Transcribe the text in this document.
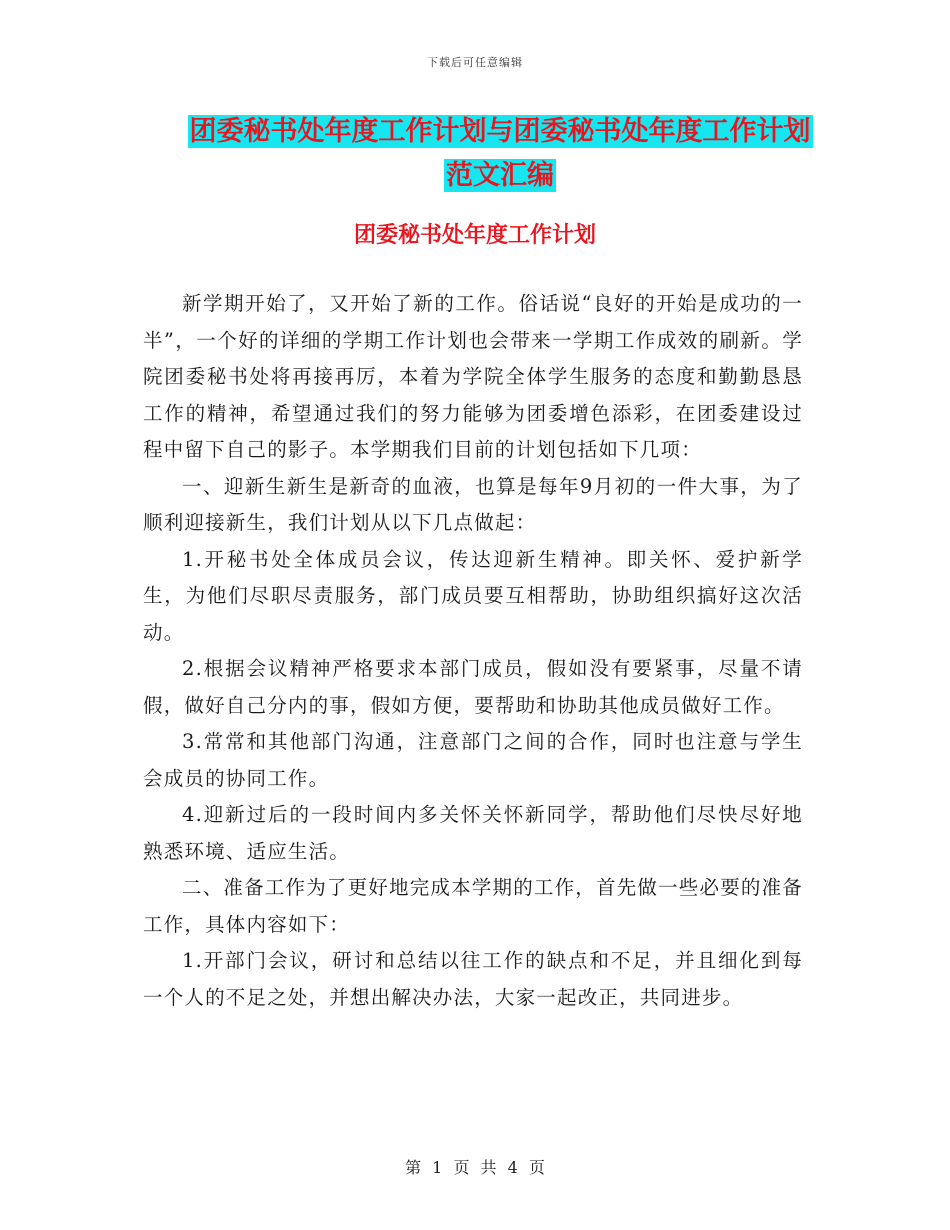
下载后可任意编辑
团委秘书处年度工作计划与团委秘书处年度工作计划
范文汇编
团委秘书处年度工作计划

新学期开始了，又开始了新的工作。俗话说“良好的开始是成功的一半”，一个好的详细的学期工作计划也会带来一学期工作成效的刷新。学院团委秘书处将再接再厉，本着为学院全体学生服务的态度和勤勤恳恳工作的精神，希望通过我们的努力能够为团委增色添彩，在团委建设过程中留下自己的影子。本学期我们目前的计划包括如下几项：

一、迎新生新生是新奇的血液，也算是每年9月初的一件大事，为了顺利迎接新生，我们计划从以下几点做起：

1.开秘书处全体成员会议，传达迎新生精神。即关怀、爱护新学生，为他们尽职尽责服务，部门成员要互相帮助，协助组织搞好这次活动。

2.根据会议精神严格要求本部门成员，假如没有要紧事，尽量不请假，做好自己分内的事，假如方便，要帮助和协助其他成员做好工作。

3.常常和其他部门沟通，注意部门之间的合作，同时也注意与学生会成员的协同工作。

4.迎新过后的一段时间内多关怀关怀新同学，帮助他们尽快尽好地熟悉环境、适应生活。

二、准备工作为了更好地完成本学期的工作，首先做一些必要的准备工作，具体内容如下：

1.开部门会议，研讨和总结以往工作的缺点和不足，并且细化到每一个人的不足之处，并想出解决办法，大家一起改正，共同进步。

第 1 页 共 4 页
